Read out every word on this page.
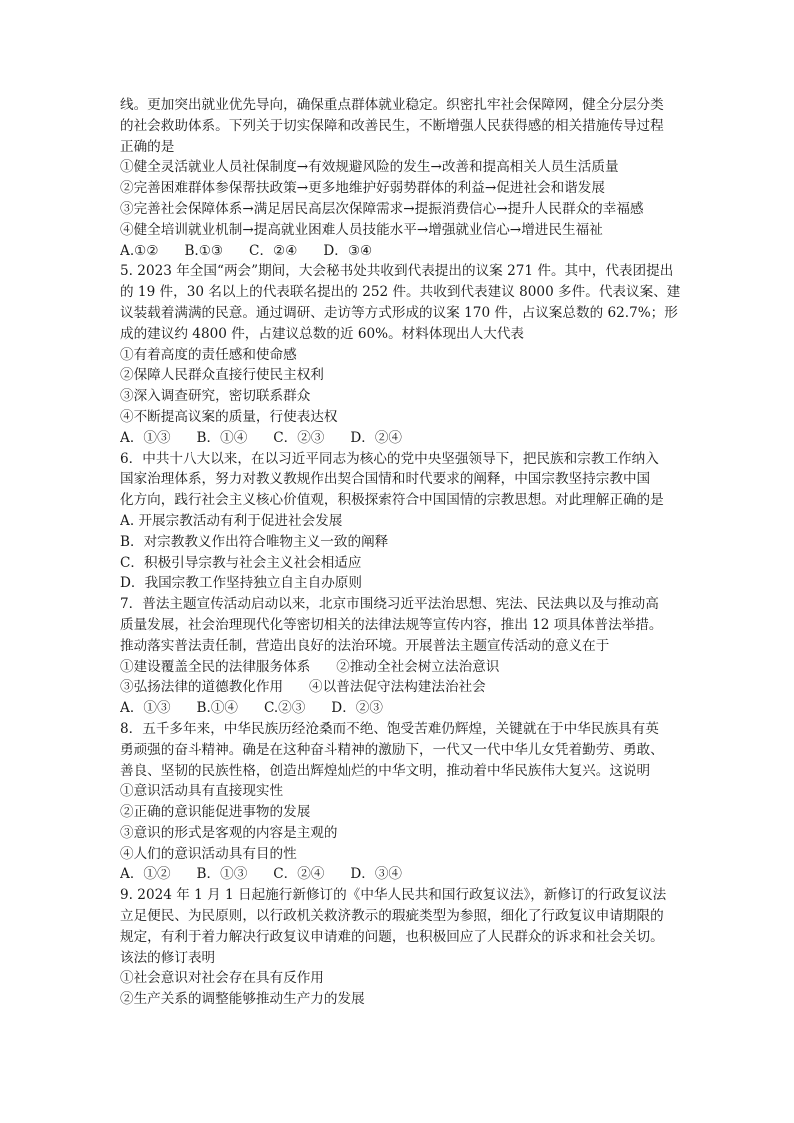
线。更加突出就业优先导向，确保重点群体就业稳定。织密扎牢社会保障网，健全分层分类
的社会救助体系。下列关于切实保障和改善民生，不断增强人民获得感的相关措施传导过程
正确的是
①健全灵活就业人员社保制度→有效规避风险的发生→改善和提高相关人员生活质量
②完善困难群体参保帮扶政策→更多地维护好弱势群体的利益→促进社会和谐发展
③完善社会保障体系→满足居民高层次保障需求→提振消费信心→提升人民群众的幸福感
④健全培训就业机制→提高就业困难人员技能水平→增强就业信心→增进民生福祉
A.①②      B.①③      C．②④      D．③④
5. 2023 年全国“两会”期间，大会秘书处共收到代表提出的议案 271 件。其中，代表团提出
的 19 件，30 名以上的代表联名提出的 252 件。共收到代表建议 8000 多件。代表议案、建
议装载着满满的民意。通过调研、走访等方式形成的议案 170 件，占议案总数的 62.7%；形
成的建议约 4800 件，占建议总数的近 60%。材料体现出人大代表
①有着高度的责任感和使命感
②保障人民群众直接行使民主权利
③深入调查研究，密切联系群众
④不断提高议案的质量，行使表达权
A．①③      B．①④      C．②③      D．②④
6．中共十八大以来，在以习近平同志为核心的党中央坚强领导下，把民族和宗教工作纳入
国家治理体系，努力对教义教规作出契合国情和时代要求的阐释，中国宗教坚持宗教中国
化方向，践行社会主义核心价值观，积极探索符合中国国情的宗教思想。对此理解正确的是
A. 开展宗教活动有利于促进社会发展
B．对宗教教义作出符合唯物主义一致的阐释
C．积极引导宗教与社会主义社会相适应
D．我国宗教工作坚持独立自主自办原则
7．普法主题宣传活动启动以来，北京市围绕习近平法治思想、宪法、民法典以及与推动高
质量发展，社会治理现代化等密切相关的法律法规等宣传内容，推出 12 项具体普法举措。
推动落实普法责任制，营造出良好的法治环境。开展普法主题宣传活动的意义在于
①建设覆盖全民的法律服务体系      ②推动全社会树立法治意识
③弘扬法律的道德教化作用      ④以普法促守法构建法治社会
A．①③      B.①④      C.②③      D．②③
8．五千多年来，中华民族历经沧桑而不绝、饱受苦难仍辉煌，关键就在于中华民族具有英
勇顽强的奋斗精神。确是在这种奋斗精神的激励下，一代又一代中华儿女凭着勤劳、勇敢、
善良、坚韧的民族性格，创造出辉煌灿烂的中华文明，推动着中华民族伟大复兴。这说明
①意识活动具有直接现实性
②正确的意识能促进事物的发展
③意识的形式是客观的内容是主观的
④人们的意识活动具有目的性
A．①②      B．①③      C．②④      D．③④
9. 2024 年 1 月 1 日起施行新修订的《中华人民共和国行政复议法》，新修订的行政复议法
立足便民、为民原则，以行政机关救济教示的瑕疵类型为参照，细化了行政复议申请期限的
规定，有利于着力解决行政复议申请难的问题，也积极回应了人民群众的诉求和社会关切。
该法的修订表明
①社会意识对社会存在具有反作用
②生产关系的调整能够推动生产力的发展
